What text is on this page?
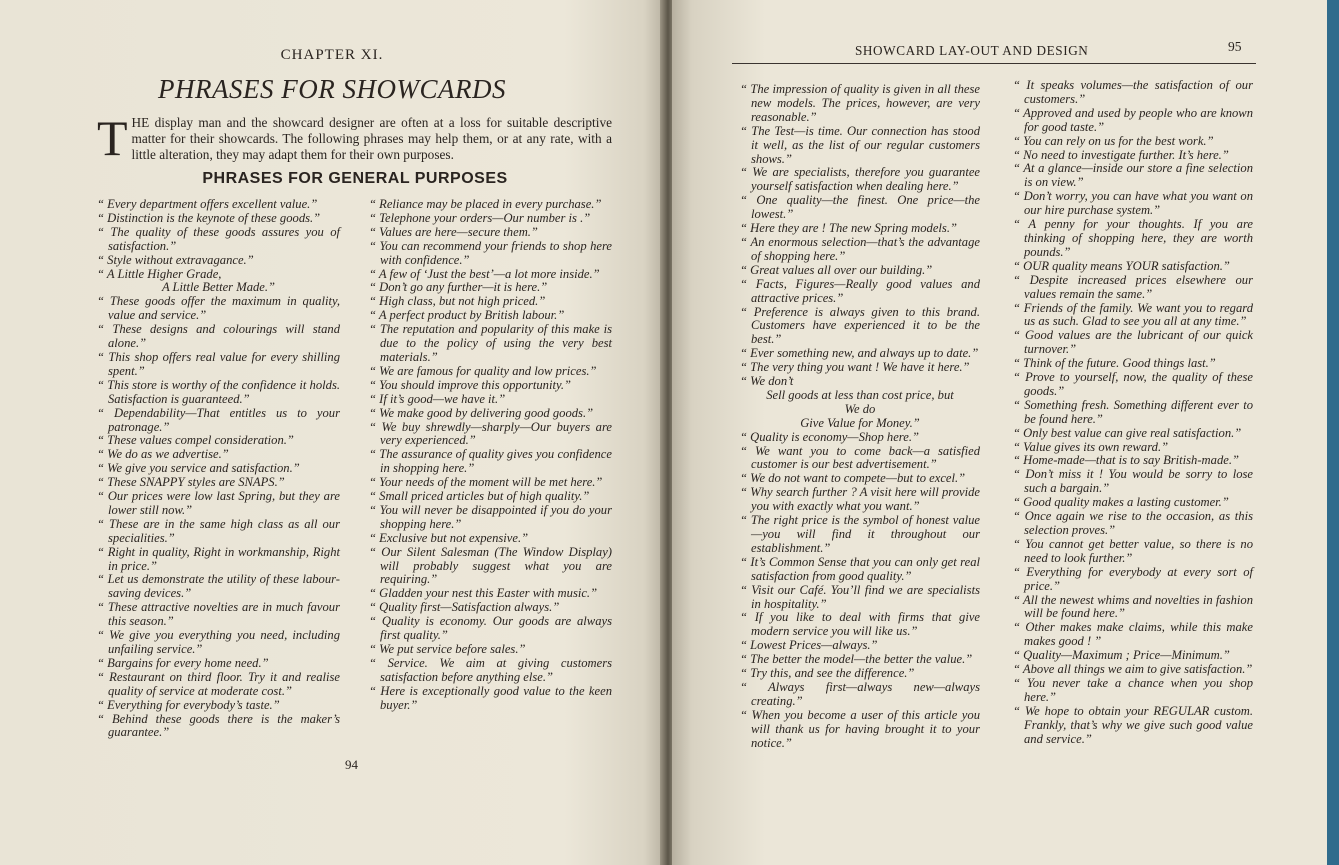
CHAPTER XI.
PHRASES FOR SHOWCARDS
THE display man and the showcard designer are often at a loss for suitable descriptive matter for their showcards. The following phrases may help them, or at any rate, with a little alteration, they may adapt them for their own purposes.
PHRASES FOR GENERAL PURPOSES
“ Every department offers excellent value.”
“ Distinction is the keynote of these goods.”
“ The quality of these goods assures you of satisfaction.”
“ Style without extravagance.”
“ A Little Higher Grade,
A Little Better Made.”
“ These goods offer the maximum in quality, value and service.”
“ These designs and colourings will stand alone.”
“ This shop offers real value for every shilling spent.”
“ This store is worthy of the confidence it holds. Satisfaction is guaranteed.”
“ Dependability—That entitles us to your patronage.”
“ These values compel consideration.”
“ We do as we advertise.”
“ We give you service and satisfaction.”
“ These SNAPPY styles are SNAPS.”
“ Our prices were low last Spring, but they are lower still now.”
“ These are in the same high class as all our specialities.”
“ Right in quality, Right in workmanship, Right in price.”
“ Let us demonstrate the utility of these labour-saving devices.”
“ These attractive novelties are in much favour this season.”
“ We give you everything you need, including unfailing service.”
“ Bargains for every home need.”
“ Restaurant on third floor. Try it and realise quality of service at moderate cost.”
“ Everything for everybody’s taste.”
“ Behind these goods there is the maker’s guarantee.”
“ Reliance may be placed in every purchase.”
“ Telephone your orders—Our number is .”
“ Values are here—secure them.”
“ You can recommend your friends to shop here with confidence.”
“ A few of ‘Just the best’—a lot more inside.”
“ Don’t go any further—it is here.”
“ High class, but not high priced.”
“ A perfect product by British labour.”
“ The reputation and popularity of this make is due to the policy of using the very best materials.”
“ We are famous for quality and low prices.”
“ You should improve this opportunity.”
“ If it’s good—we have it.”
“ We make good by delivering good goods.”
“ We buy shrewdly—sharply—Our buyers are very experienced.”
“ The assurance of quality gives you confidence in shopping here.”
“ Your needs of the moment will be met here.”
“ Small priced articles but of high quality.”
“ You will never be disappointed if you do your shopping here.”
“ Exclusive but not expensive.”
“ Our Silent Salesman (The Window Display) will probably suggest what you are requiring.”
“ Gladden your nest this Easter with music.”
“ Quality first—Satisfaction always.”
“ Quality is economy. Our goods are always first quality.”
“ We put service before sales.”
“ Service. We aim at giving customers satisfaction before anything else.”
“ Here is exceptionally good value to the keen buyer.”
94
SHOWCARD LAY-OUT AND DESIGN	95
“ The impression of quality is given in all these new models. The prices, however, are very reasonable.”
“ The Test—is time. Our connection has stood it well, as the list of our regular customers shows.”
“ We are specialists, therefore you guarantee yourself satisfaction when dealing here.”
“ One quality—the finest. One price—the lowest.”
“ Here they are ! The new Spring models.”
“ An enormous selection—that’s the advantage of shopping here.”
“ Great values all over our building.”
“ Facts, Figures—Really good values and attractive prices.”
“ Preference is always given to this brand. Customers have experienced it to be the best.”
“ Ever something new, and always up to date.”
“ The very thing you want ! We have it here.”
“ We don’t
Sell goods at less than cost price, but
We do
Give Value for Money.”
“ Quality is economy—Shop here.”
“ We want you to come back—a satisfied customer is our best advertisement.”
“ We do not want to compete—but to excel.”
“ Why search further ? A visit here will provide you with exactly what you want.”
“ The right price is the symbol of honest value—you will find it throughout our establishment.”
“ It’s Common Sense that you can only get real satisfaction from good quality.”
“ Visit our Café. You’ll find we are specialists in hospitality.”
“ If you like to deal with firms that give modern service you will like us.”
“ Lowest Prices—always.”
“ The better the model—the better the value.”
“ Try this, and see the difference.”
“ Always first—always new—always creating.”
“ When you become a user of this article you will thank us for having brought it to your notice.”
“ It speaks volumes—the satisfaction of our customers.”
“ Approved and used by people who are known for good taste.”
“ You can rely on us for the best work.”
“ No need to investigate further. It’s here.”
“ At a glance—inside our store a fine selection is on view.”
“ Don’t worry, you can have what you want on our hire purchase system.”
“ A penny for your thoughts. If you are thinking of shopping here, they are worth pounds.”
“ OUR quality means YOUR satisfaction.”
“ Despite increased prices elsewhere our values remain the same.”
“ Friends of the family. We want you to regard us as such. Glad to see you all at any time.”
“ Good values are the lubricant of our quick turnover.”
“ Think of the future. Good things last.”
“ Prove to yourself, now, the quality of these goods.”
“ Something fresh. Something different ever to be found here.”
“ Only best value can give real satisfaction.”
“ Value gives its own reward.”
“ Home-made—that is to say British-made.”
“ Don’t miss it ! You would be sorry to lose such a bargain.”
“ Good quality makes a lasting customer.”
“ Once again we rise to the occasion, as this selection proves.”
“ You cannot get better value, so there is no need to look further.”
“ Everything for everybody at every sort of price.”
“ All the newest whims and novelties in fashion will be found here.”
“ Other makes make claims, while this make makes good ! ”
“ Quality—Maximum ; Price—Minimum.”
“ Above all things we aim to give satisfaction.”
“ You never take a chance when you shop here.”
“ We hope to obtain your REGULAR custom. Frankly, that’s why we give such good value and service.”
